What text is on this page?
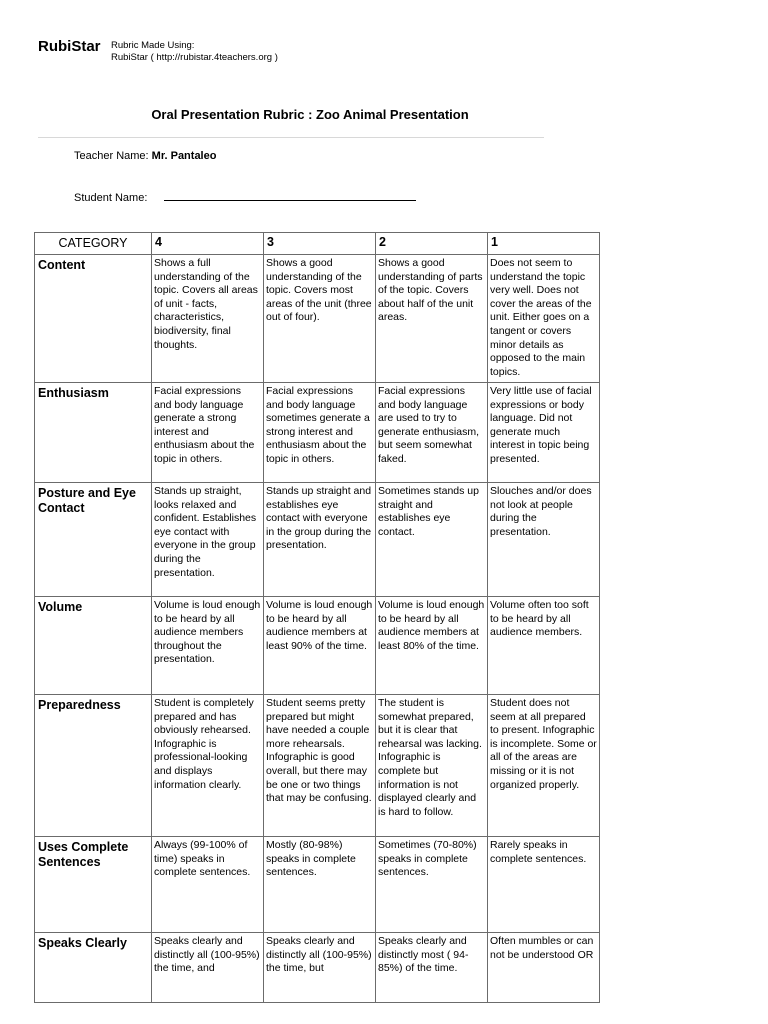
RubiStar Rubric Made Using:
RubiStar ( http://rubistar.4teachers.org )
Oral Presentation Rubric : Zoo Animal Presentation
Teacher Name: Mr. Pantaleo
Student Name:
CATEGORY	4	3	2	1
Content	Shows a full understanding of the topic. Covers all areas of unit - facts, characteristics, biodiversity, final thoughts.	Shows a good understanding of the topic. Covers most areas of the unit (three out of four).	Shows a good understanding of parts of the topic. Covers about half of the unit areas.	Does not seem to understand the topic very well. Does not cover the areas of the unit. Either goes on a tangent or covers minor details as opposed to the main topics.
Enthusiasm	Facial expressions and body language generate a strong interest and enthusiasm about the topic in others.	Facial expressions and body language sometimes generate a strong interest and enthusiasm about the topic in others.	Facial expressions and body language are used to try to generate enthusiasm, but seem somewhat faked.	Very little use of facial expressions or body language. Did not generate much interest in topic being presented.
Posture and Eye Contact	Stands up straight, looks relaxed and confident. Establishes eye contact with everyone in the group during the presentation.	Stands up straight and establishes eye contact with everyone in the group during the presentation.	Sometimes stands up straight and establishes eye contact.	Slouches and/or does not look at people during the presentation.
Volume	Volume is loud enough to be heard by all audience members throughout the presentation.	Volume is loud enough to be heard by all audience members at least 90% of the time.	Volume is loud enough to be heard by all audience members at least 80% of the time.	Volume often too soft to be heard by all audience members.
Preparedness	Student is completely prepared and has obviously rehearsed. Infographic is professional-looking and displays information clearly.	Student seems pretty prepared but might have needed a couple more rehearsals. Infographic is good overall, but there may be one or two things that may be confusing.	The student is somewhat prepared, but it is clear that rehearsal was lacking. Infographic is complete but information is not displayed clearly and is hard to follow.	Student does not seem at all prepared to present. Infographic is incomplete. Some or all of the areas are missing or it is not organized properly.
Uses Complete Sentences	Always (99-100% of time) speaks in complete sentences.	Mostly (80-98%) speaks in complete sentences.	Sometimes (70-80%) speaks in complete sentences.	Rarely speaks in complete sentences.
Speaks Clearly	Speaks clearly and distinctly all (100-95%) the time, and	Speaks clearly and distinctly all (100-95%) the time, but	Speaks clearly and distinctly most ( 94-85%) of the time.	Often mumbles or can not be understood OR
